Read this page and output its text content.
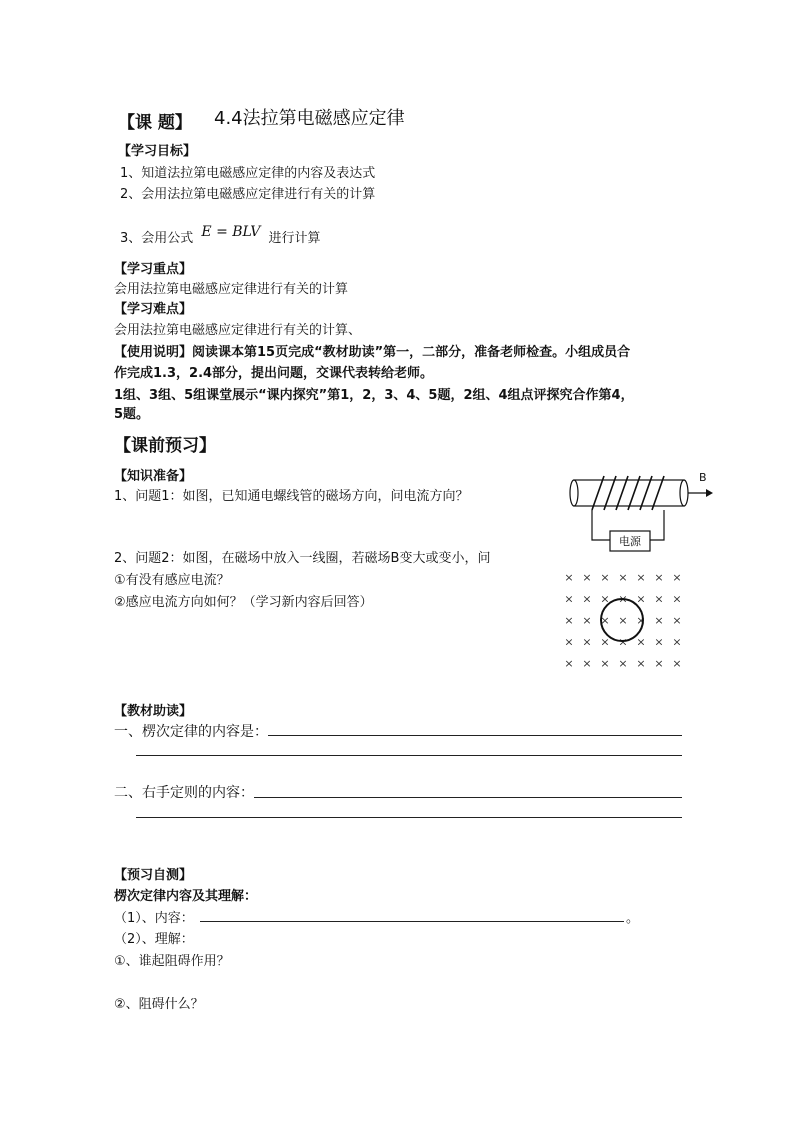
【课 题】 4.4法拉第电磁感应定律
【学习目标】
1、知道法拉第电磁感应定律的内容及表达式
2、会用法拉第电磁感应定律进行有关的计算
3、会用公式 E = BLV 进行计算
【学习重点】
会用法拉第电磁感应定律进行有关的计算
【学习难点】
会用法拉第电磁感应定律进行有关的计算、
【使用说明】阅读课本第15页完成“教材助读”第一，二部分，准备老师检查。小组成员合
作完成1.3，2.4部分，提出问题，交课代表转给老师。
1组、3组、5组课堂展示“课内探究”第1，2，3、4、5题，2组、4组点评探究合作第4，
5题。
【课前预习】
【知识准备】
1、问题1：如图，已知通电螺线管的磁场方向，问电流方向？
2、问题2：如图，在磁场中放入一线圈，若磁场B变大或变小，问
①有没有感应电流？
②感应电流方向如何？（学习新内容后回答）
B
电源
× × × × × × ×
× × × × × × ×
× × × × × × ×
× × × × × × ×
× × × × × × ×
【教材助读】
一、楞次定律的内容是：
二、右手定则的内容：
【预习自测】
楞次定律内容及其理解：
（1）、内容：	。
（2）、理解：
①、谁起阻碍作用？
②、阻碍什么？
